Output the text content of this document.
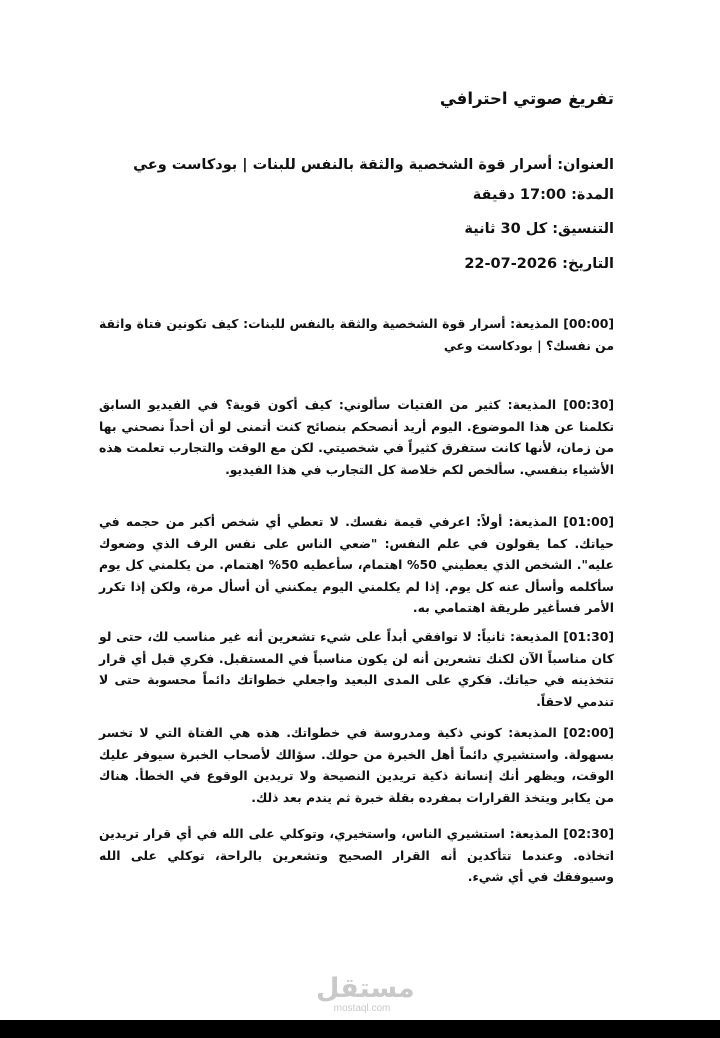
تفريغ صوتي احترافي
العنوان: أسرار قوة الشخصية والثقة بالنفس للبنات | بودكاست وعي
المدة: 17:00 دقيقة
التنسيق: كل 30 ثانية
التاريخ: 2026-07-22

[00:00] المذيعة: أسرار قوة الشخصية والثقة بالنفس للبنات: كيف تكونين فتاة واثقة من نفسك؟ | بودكاست وعي

[00:30] المذيعة: كثير من الفتيات سألوني: كيف أكون قوية؟ في الفيديو السابق تكلمنا عن هذا الموضوع. اليوم أريد أنصحكم بنصائح كنت أتمنى لو أن أحداً نصحني بها من زمان، لأنها كانت ستفرق كثيراً في شخصيتي. لكن مع الوقت والتجارب تعلمت هذه الأشياء بنفسي. سألخص لكم خلاصة كل التجارب في هذا الفيديو.

[01:00] المذيعة: أولاً: اعرفي قيمة نفسك. لا تعطي أي شخص أكبر من حجمه في حياتك. كما يقولون في علم النفس: "ضعي الناس على نفس الرف الذي وضعوك عليه". الشخص الذي يعطيني 50% اهتمام، سأعطيه 50% اهتمام. من يكلمني كل يوم سأكلمه وأسأل عنه كل يوم. إذا لم يكلمني اليوم يمكنني أن أسأل مرة، ولكن إذا تكرر الأمر فسأغير طريقة اهتمامي به.

[01:30] المذيعة: ثانياً: لا توافقي أبداً على شيء تشعرين أنه غير مناسب لك، حتى لو كان مناسباً الآن لكنك تشعرين أنه لن يكون مناسباً في المستقبل. فكري قبل أي قرار تتخذينه في حياتك. فكري على المدى البعيد واجعلي خطواتك دائماً محسوبة حتى لا تندمي لاحقاً.

[02:00] المذيعة: كوني ذكية ومدروسة في خطواتك. هذه هي الفتاة التي لا تخسر بسهولة. واستشيري دائماً أهل الخبرة من حولك. سؤالك لأصحاب الخبرة سيوفر عليك الوقت، ويظهر أنك إنسانة ذكية تريدين النصيحة ولا تريدين الوقوع في الخطأ. هناك من يكابر ويتخذ القرارات بمفرده بقلة خبرة ثم يندم بعد ذلك.

[02:30] المذيعة: استشيري الناس، واستخيري، وتوكلي على الله في أي قرار تريدين اتخاذه. وعندما تتأكدين أنه القرار الصحيح وتشعرين بالراحة، توكلي على الله وسيوفقك في أي شيء.

مستقل
mostaql.com
